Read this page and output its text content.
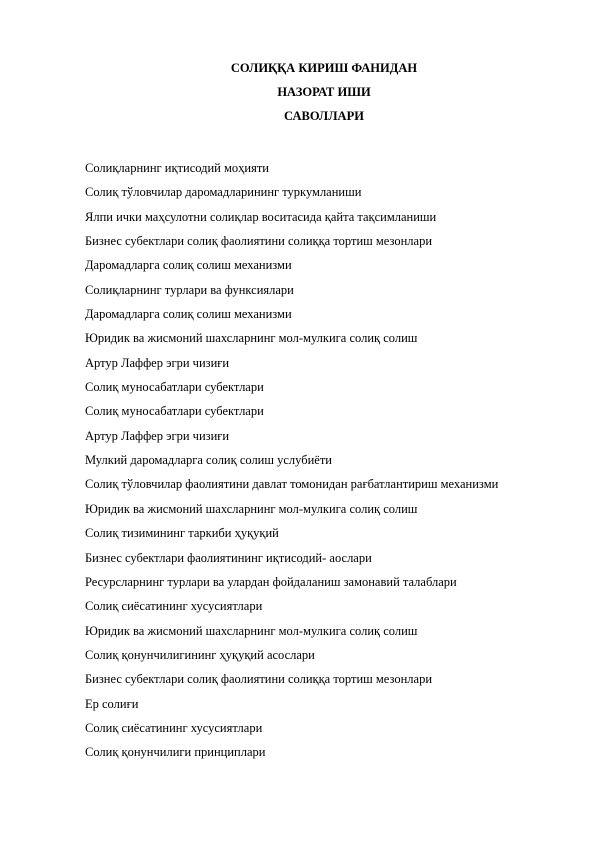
СОЛИҚҚА КИРИШ ФАНИДАН
НАЗОРАТ ИШИ
САВОЛЛАРИ
Солиқларнинг иқтисодий моҳияти
Солиқ тўловчилар даромадларининг туркумланиши
Ялпи ички маҳсулотни солиқлар воситасида қайта тақсимланиши
Бизнес субектлари солиқ фаолиятини солиққа тортиш мезонлари
Даромадларга солиқ солиш механизми
Солиқларнинг турлари ва функсиялари
Даромадларга солиқ солиш механизми
Юридик ва жисмоний шахсларнинг мол-мулкига солиқ солиш
Артур Лаффер эгри чизиғи
Солиқ муносабатлари субектлари
Солиқ муносабатлари субектлари
Артур Лаффер эгри чизиғи
Мулкий даромадларга солиқ солиш услубиёти
Солиқ тўловчилар фаолиятини давлат томонидан рағбатлантириш механизми
Юридик ва жисмоний шахсларнинг мол-мулкига солиқ солиш
Солиқ тизимининг таркиби ҳуқуқий
Бизнес субектлари фаолиятининг иқтисодий- аослари
Ресурсларнинг турлари ва улардан фойдаланиш замонавий талаблари
Солиқ сиёсатининг хусусиятлари
Юридик ва жисмоний шахсларнинг мол-мулкига солиқ солиш
Солиқ қонунчилигининг ҳуқуқий асослари
Бизнес субектлари солиқ фаолиятини солиққа тортиш мезонлари
Ер солиғи
Солиқ сиёсатининг хусусиятлари
Солиқ қонунчилиги принциплари
